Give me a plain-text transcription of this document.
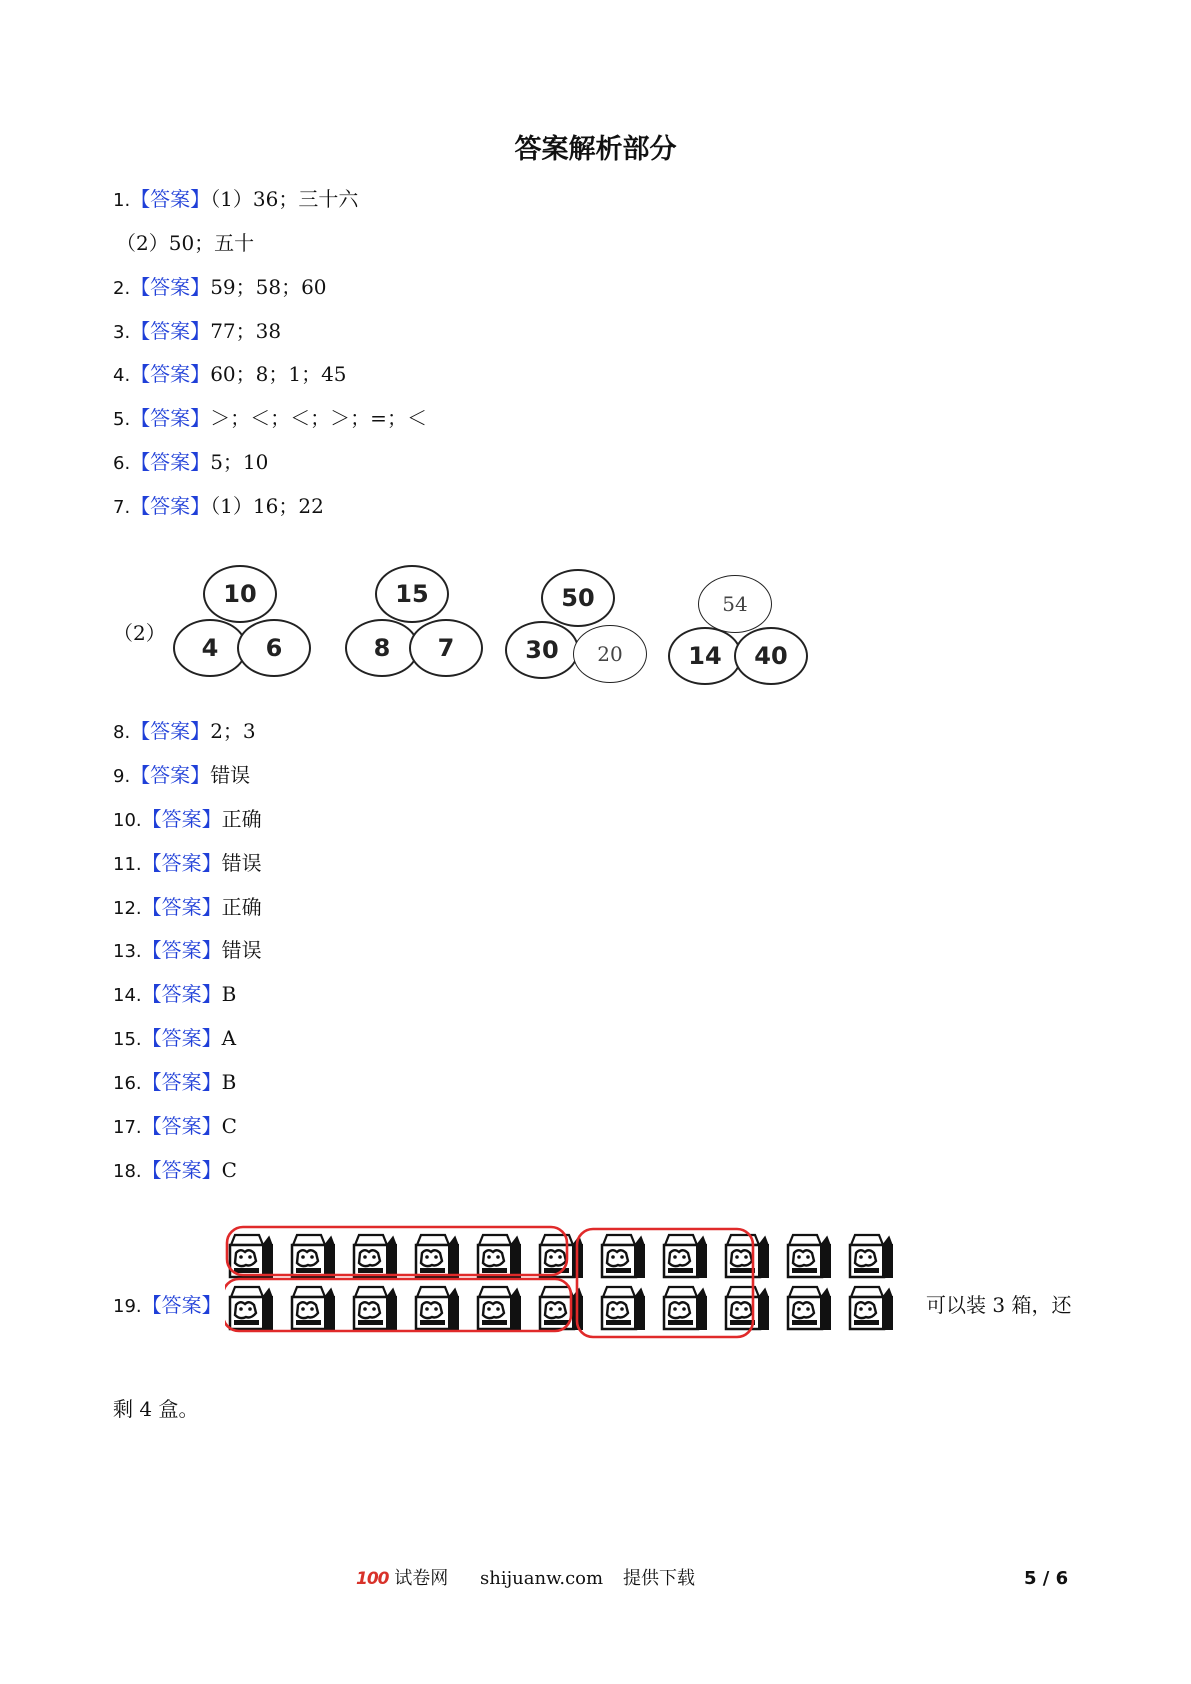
答案解析部分
1.【答案】（1）36；三十六
（2）50；五十
2.【答案】59；58；60
3.【答案】77；38
4.【答案】60；8；1；45
5.【答案】＞；＜；＜；＞；=；＜
6.【答案】5；10
7.【答案】（1）16；22
（2）
10
4	6
15
8	7
50
30	20
54
14	40
8.【答案】2；3
9.【答案】错误
10.【答案】正确
11.【答案】错误
12.【答案】正确
13.【答案】错误
14.【答案】B
15.【答案】A
16.【答案】B
17.【答案】C
18.【答案】C
19.【答案】	可以装 3 箱，还
剩 4 盒。
100 试卷网 shijuanw.com 提供下载	5 / 6
